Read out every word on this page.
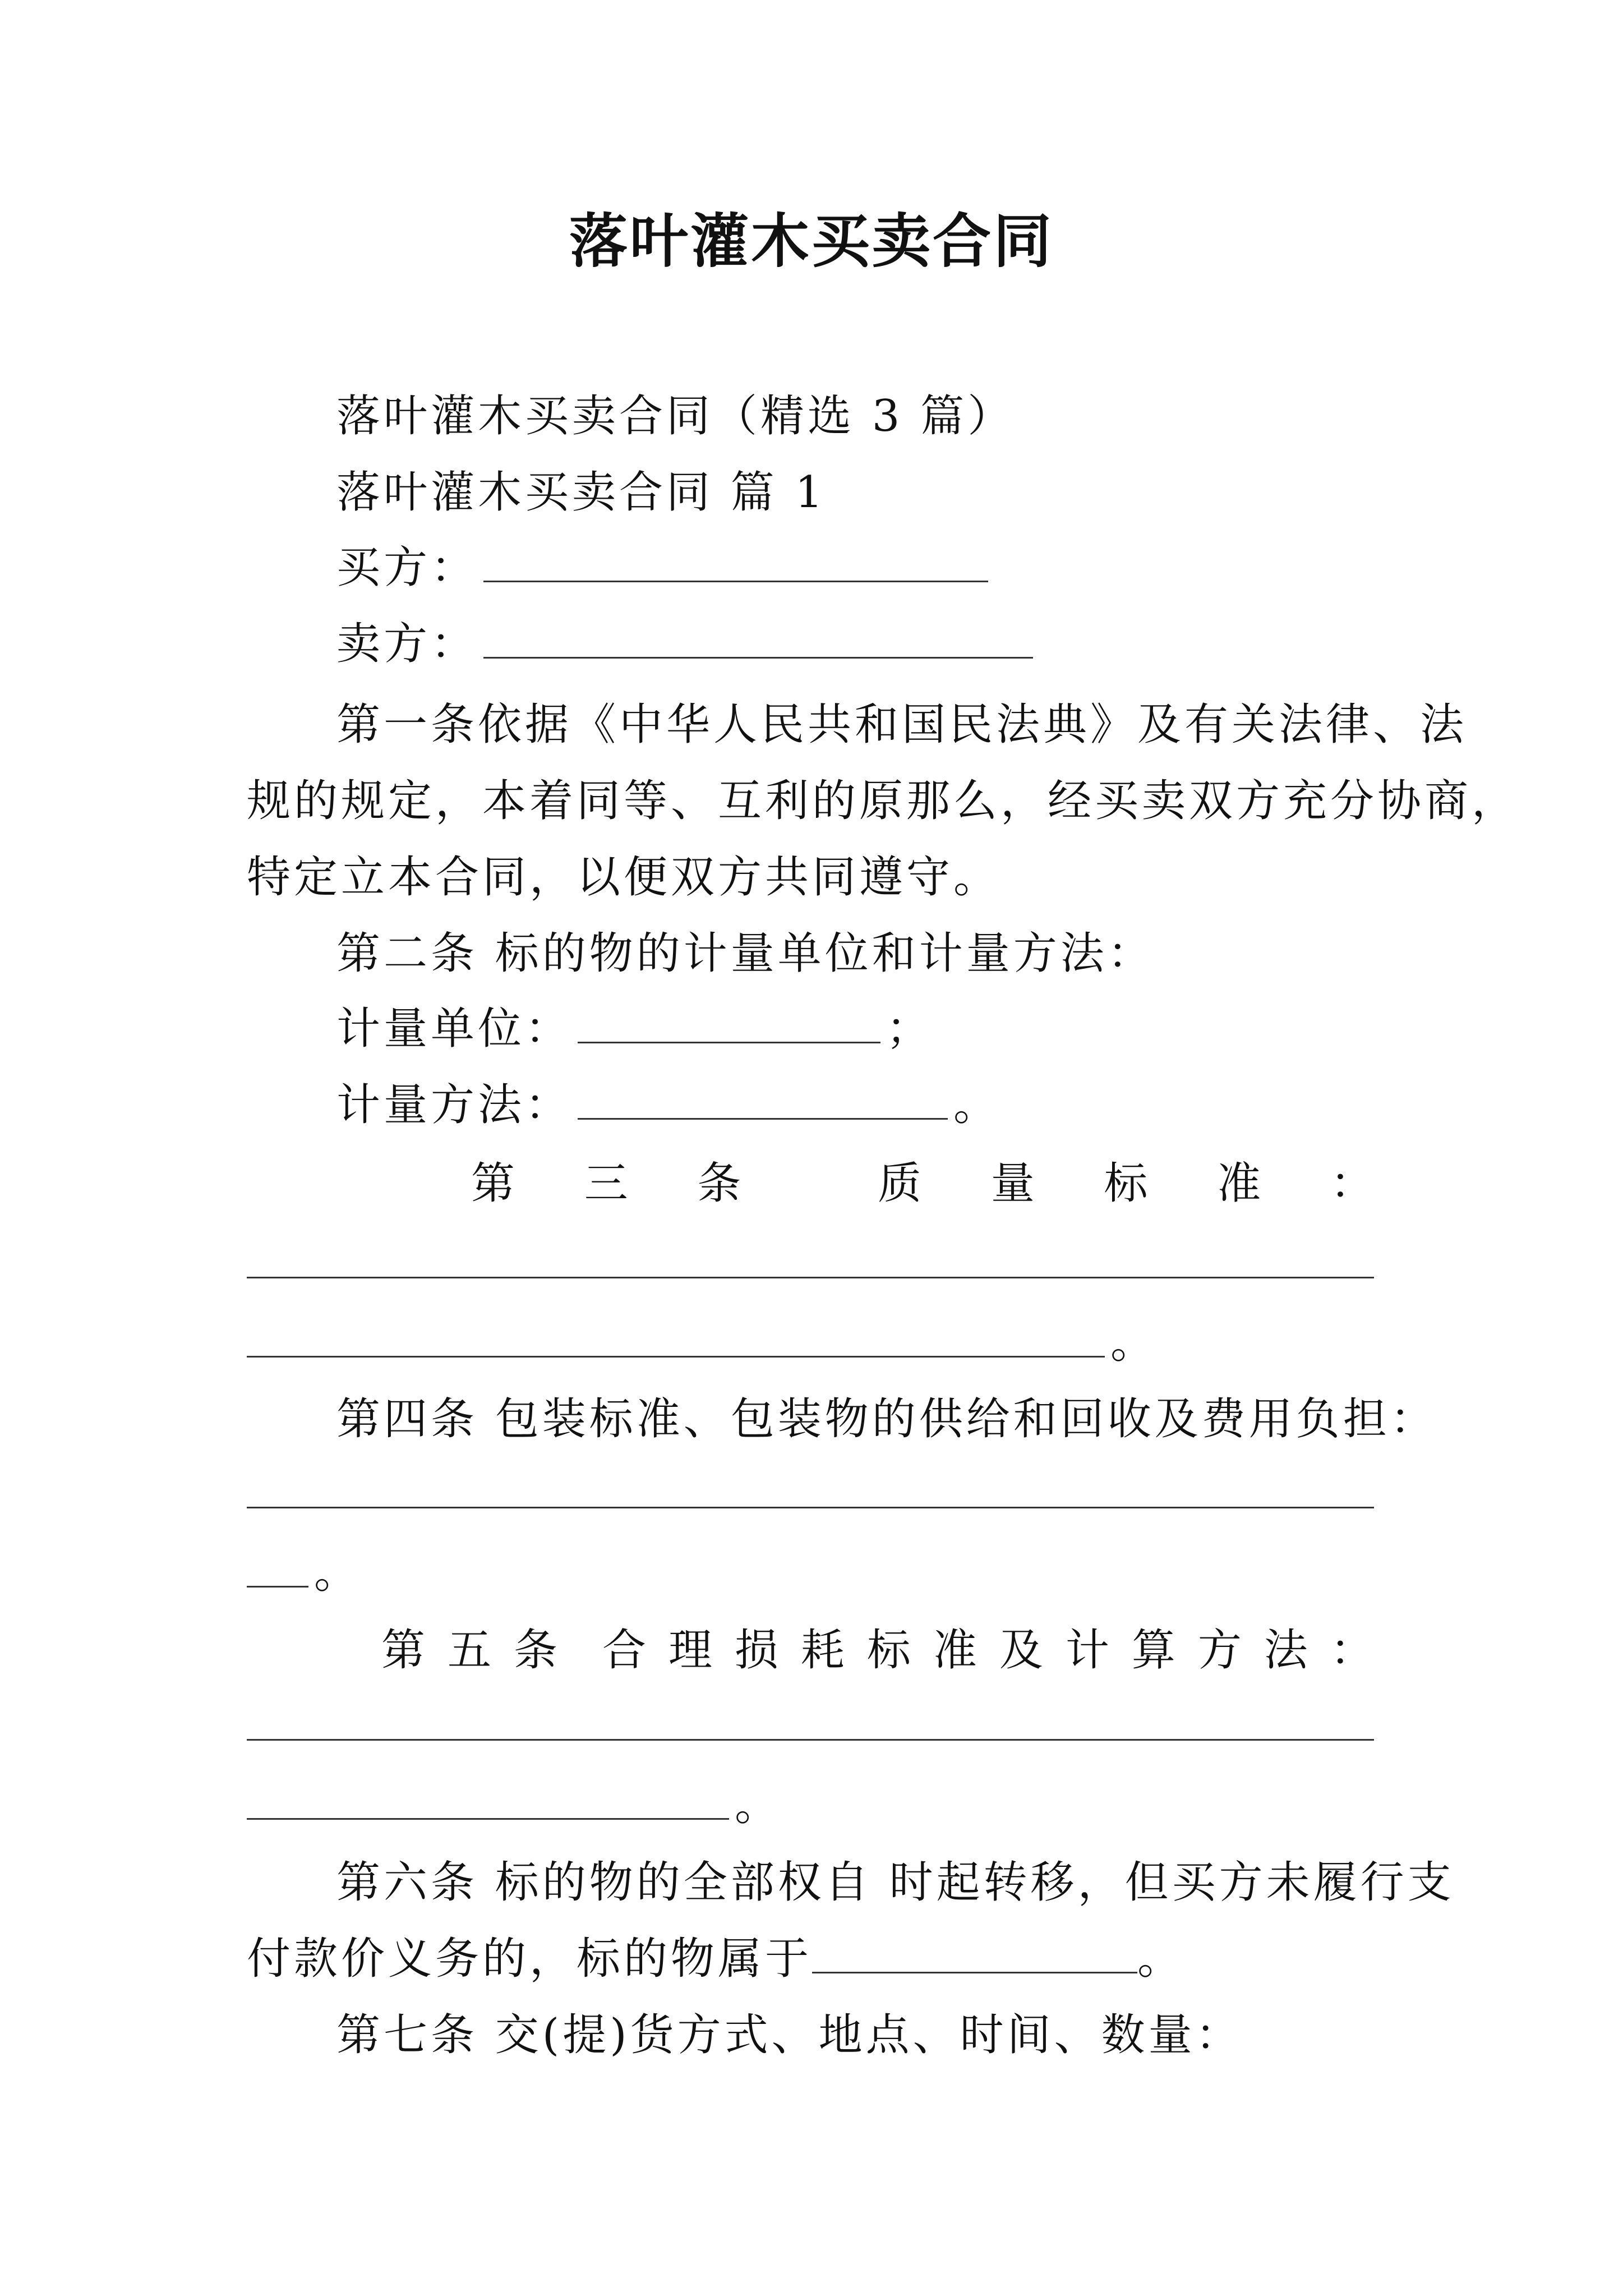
落叶灌木买卖合同
落叶灌木买卖合同（精选 3 篇）
落叶灌木买卖合同 篇 1
买方：
卖方：
第一条依据《中华人民共和国民法典》及有关法律、法
规的规定，本着同等、互利的原那么，经买卖双方充分协商，
特定立本合同，以便双方共同遵守。
第二条 标的物的计量单位和计量方法：
计量单位：	；
计量方法：	。
第 三 条	质 量 标 准 ：
。
第四条 包装标准、包装物的供给和回收及费用负担：
。
第 五 条 合 理 损 耗 标 准 及 计 算 方 法 ：
。
第六条 标的物的全部权自 时起转移，但买方未履行支
付款价义务的，标的物属于	。
第七条 交(提)货方式、地点、时间、数量：
